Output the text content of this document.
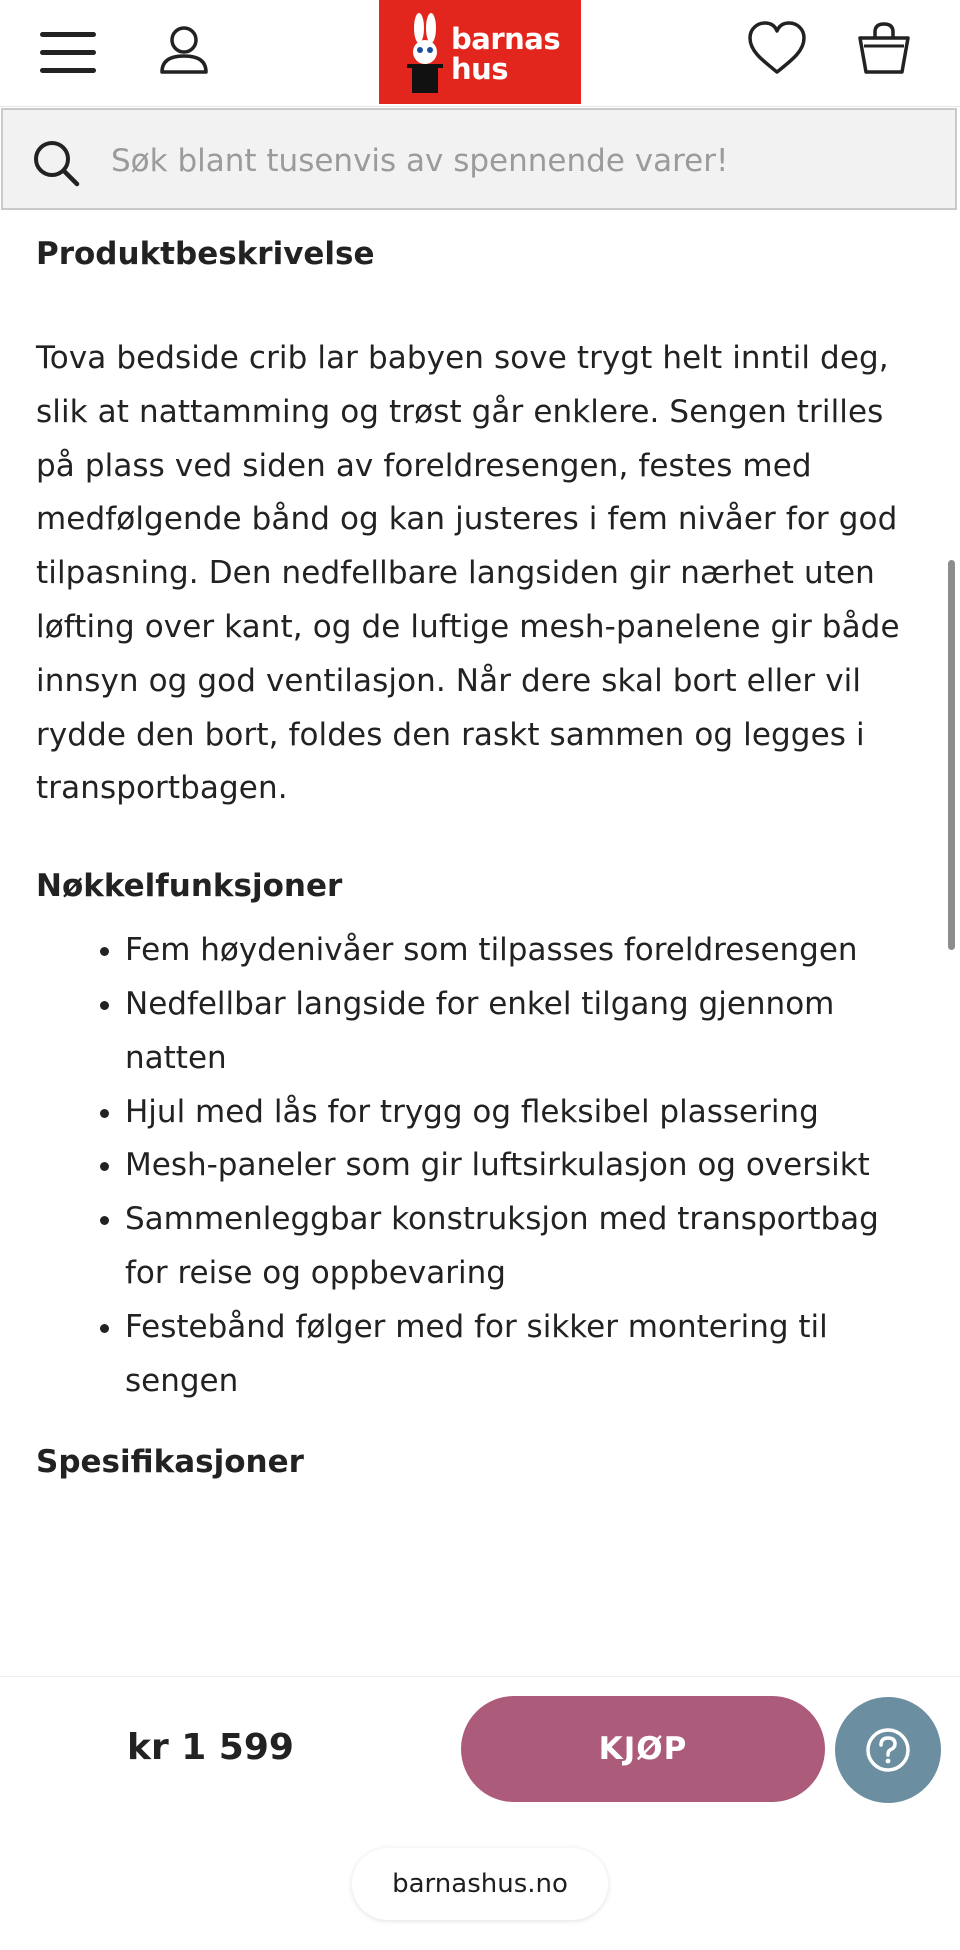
barnas
hus
Søk blant tusenvis av spennende varer!
Produktbeskrivelse

Tova bedside crib lar babyen sove trygt helt inntil deg, slik at nattamming og trøst går enklere. Sengen trilles på plass ved siden av foreldresengen, festes med medfølgende bånd og kan justeres i fem nivåer for god tilpasning. Den nedfellbare langsiden gir nærhet uten løfting over kant, og de luftige mesh-panelene gir både innsyn og god ventilasjon. Når dere skal bort eller vil rydde den bort, foldes den raskt sammen og legges i transportbagen.

Nøkkelfunksjoner
• Fem høydenivåer som tilpasses foreldresengen
• Nedfellbar langside for enkel tilgang gjennom natten
• Hjul med lås for trygg og fleksibel plassering
• Mesh-paneler som gir luftsirkulasjon og oversikt
• Sammenleggbar konstruksjon med transportbag for reise og oppbevaring
• Festebånd følger med for sikker montering til sengen
Spesifikasjoner
kr 1 599	KJØP
barnashus.no
